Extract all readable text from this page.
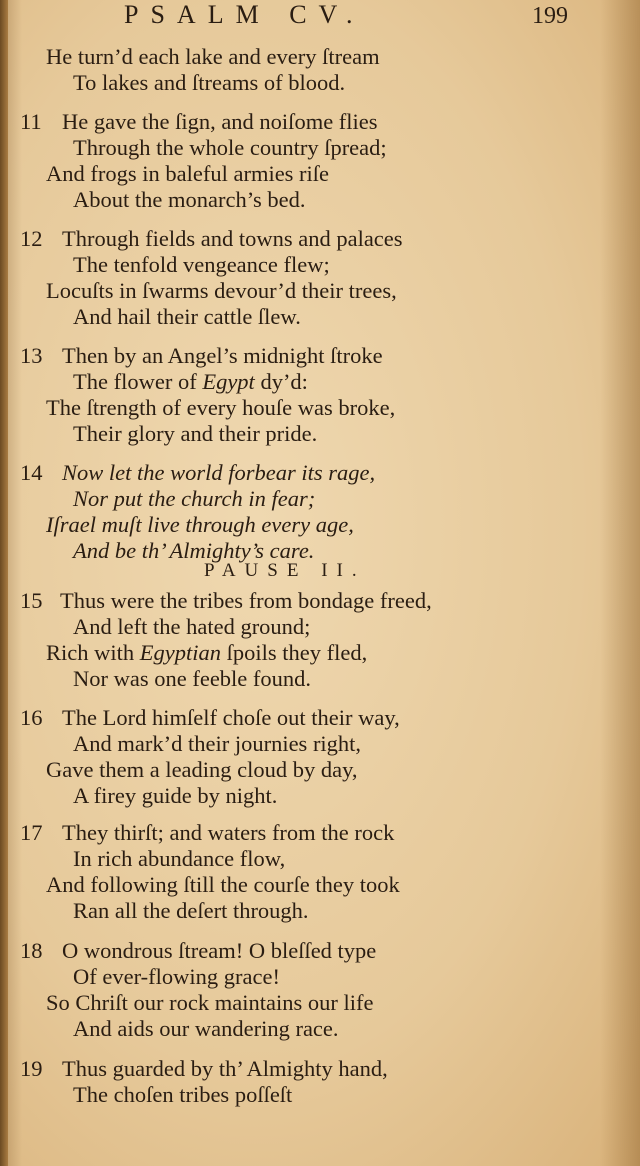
PSALM CV.	199
He turn’d each lake and every ſtream
To lakes and ſtreams of blood.
11 He gave the ſign, and noiſome flies
Through the whole country ſpread;
And frogs in baleful armies riſe
About the monarch’s bed.
12 Through fields and towns and palaces
The tenfold vengeance flew;
Locuſts in ſwarms devour’d their trees,
And hail their cattle ſlew.
13 Then by an Angel’s midnight ſtroke
The flower of Egypt dy’d:
The ſtrength of every houſe was broke,
Their glory and their pride.
14 Now let the world forbear its rage,
Nor put the church in fear;
Iſrael muſt live through every age,
And be th’ Almighty’s care.
PAUSE II.
15 Thus were the tribes from bondage freed,
And left the hated ground;
Rich with Egyptian ſpoils they fled,
Nor was one feeble found.
16 The Lord himſelf choſe out their way,
And mark’d their journies right,
Gave them a leading cloud by day,
A firey guide by night.
17 They thirſt; and waters from the rock
In rich abundance flow,
And following ſtill the courſe they took
Ran all the deſert through.
18 O wondrous ſtream! O bleſſed type
Of ever-flowing grace!
So Chriſt our rock maintains our life
And aids our wandering race.
19 Thus guarded by th’ Almighty hand,
The choſen tribes poſſeſt
